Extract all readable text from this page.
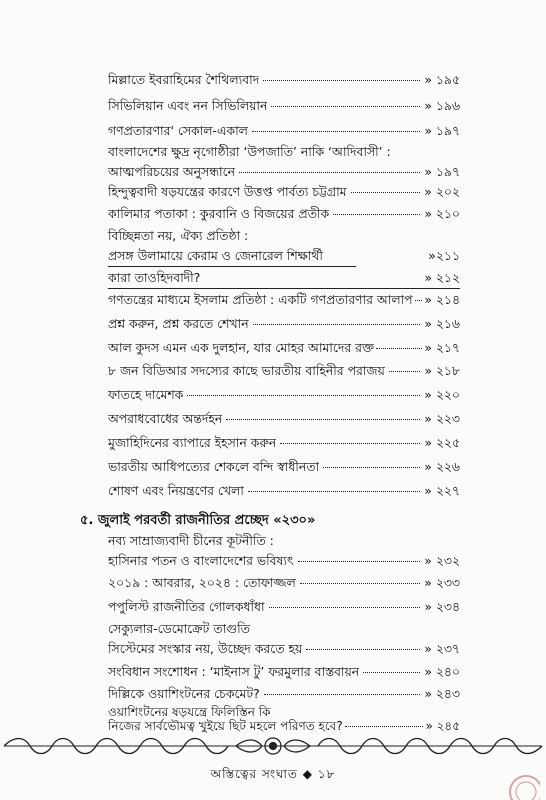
মিল্লাতে ইবরাহিমের শৈথিল্যবাদ	» ১৯৫
সিভিলিয়ান এবং নন সিভিলিয়ান	» ১৯৬
গণপ্রতারণার' সেকাল-একাল	» ১৯৭
বাংলাদেশের ক্ষুদ্র নৃগোষ্ঠীরা ‘উপজাতি’ নাকি ‘আদিবাসী’ :
আত্মপরিচয়ের অনুসন্ধানে	» ১৯৭
হিন্দুত্ববাদী ষড়যন্ত্রের কারণে উত্তপ্ত পার্বত্য চট্টগ্রাম	» ২০২
কালিমার পতাকা : কুরবানি ও বিজয়ের প্রতীক	» ২১০
বিচ্ছিন্নতা নয়, ঐক্য প্রতিষ্ঠা :
প্রসঙ্গ উলামায়ে কেরাম ও জেনারেল শিক্ষার্থী	»২১১
কারা তাওহিদবাদী?	» ২১২
গণতন্ত্রের মাধ্যমে ইসলাম প্রতিষ্ঠা : একটি গণপ্রতারণার আলাপ » ২১৪
প্রশ্ন করুন, প্রশ্ন করতে শেখান	» ২১৬
আল কুদস এমন এক দুলহান, যার মোহর আমাদের রক্ত	» ২১৭
৮ জন বিডিআর সদস্যের কাছে ভারতীয় বাহিনীর পরাজয়	» ২১৮
ফাতহে দামেশক	» ২২০
অপরাধবোধের অন্তর্দহন	» ২২৩
মুজাহিদিনের ব্যাপারে ইহসান করুন	» ২২৫
ভারতীয় আধিপত্যের শেকলে বন্দি স্বাধীনতা	» ২২৬
শোষণ এবং নিয়ন্ত্রণের খেলা	» ২২৭
৫. জুলাই পরবর্তী রাজনীতির প্রচ্ছেদ «২৩০»
নব্য সাম্রাজ্যবাদী চীনের কূটনীতি :
হাসিনার পতন ও বাংলাদেশের ভবিষ্যৎ	» ২৩২
২০১৯ : আবরার, ২০২৪ : তোফাজ্জল	» ২৩৩
পপুলিস্ট রাজনীতির গোলকধাঁধা	» ২৩৪
সেক্যুলার-ডেমোক্রেট তাগুতি
সিস্টেমের সংস্কার নয়, উচ্ছেদ করতে হয়	» ২৩৭
সংবিধান সংশোধন : ‘মাইনাস টু’ ফরমুলার বাস্তবায়ন	» ২৪০
দিল্লিকে ওয়াশিংটনের চেকমেট?	» ২৪৩
ওয়াশিংটনের ষড়যন্ত্রে ফিলিস্তিন কি
নিজের সার্বভৌমত্ব খুইয়ে ছিট মহলে পরিণত হবে?	» ২৪৫
অস্তিত্বের সংঘাত ◆ ১৮
